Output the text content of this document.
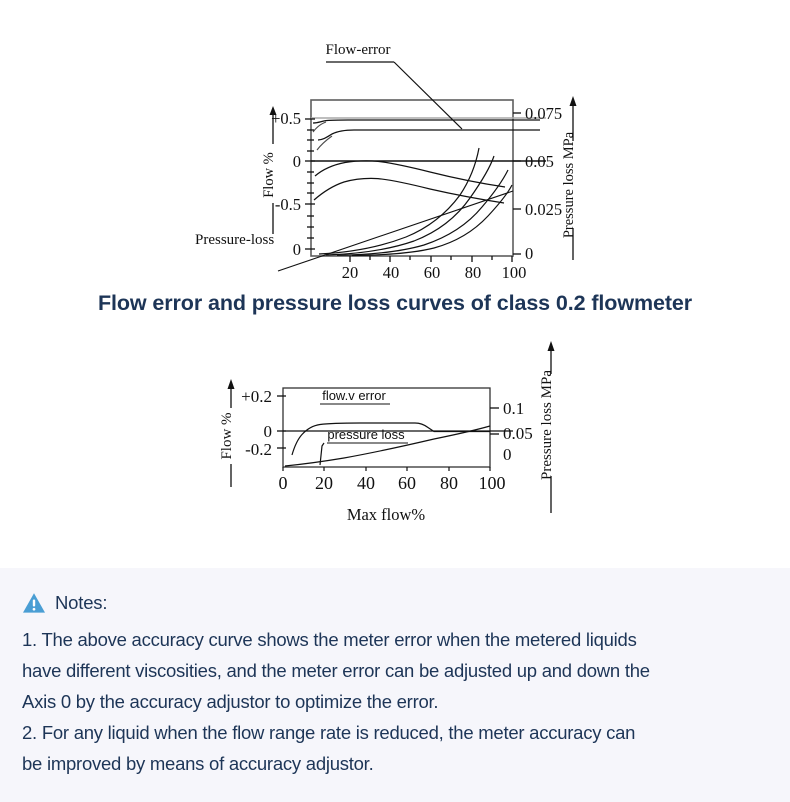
Flow %	Pressure loss MPa
+0.5
0
-0.5
0
0.075
0.05
0.025
0
20 40 60 80 100
Flow-error
Pressure-loss
Flow error and pressure loss curves of class 0.2 flowmeter
flow.v error
pressure loss
+0.2
0
-0.2
0.1
0.05
0
0 20 40 60 80 100
Flow %	Pressure loss MPa
Max flow%
Notes:
1. The above accuracy curve shows the meter error when the metered liquids
have different viscosities, and the meter error can be adjusted up and down the
Axis 0 by the accuracy adjustor to optimize the error.
2. For any liquid when the flow range rate is reduced, the meter accuracy can
be improved by means of accuracy adjustor.
